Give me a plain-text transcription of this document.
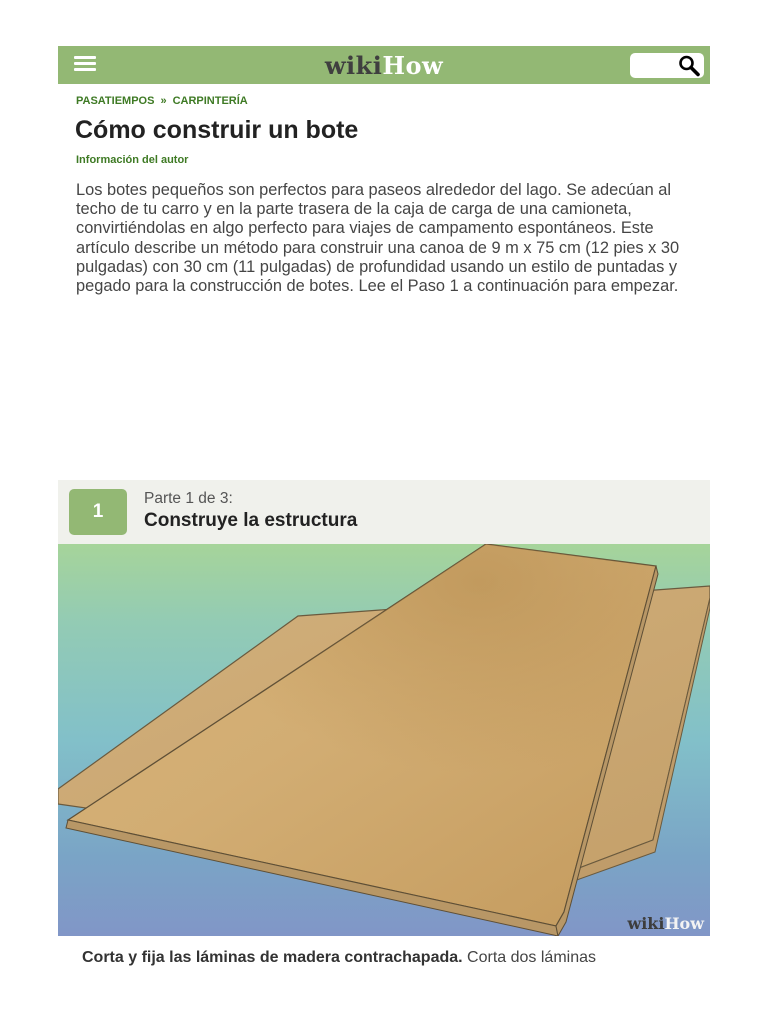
wikiHow
PASATIEMPOS » CARPINTERÍA
Cómo construir un bote
Información del autor

Los botes pequeños son perfectos para paseos alrededor del lago. Se adecúan al techo de tu carro y en la parte trasera de la caja de carga de una camioneta, convirtiéndolas en algo perfecto para viajes de campamento espontáneos. Este artículo describe un método para construir una canoa de 9 m x 75 cm (12 pies x 30 pulgadas) con 30 cm (11 pulgadas) de profundidad usando un estilo de puntadas y pegado para la construcción de botes. Lee el Paso 1 a continuación para empezar.

1
Parte 1 de 3:
Construye la estructura
wikiHow

Corta y fija las láminas de madera contrachapada. Corta dos láminas
